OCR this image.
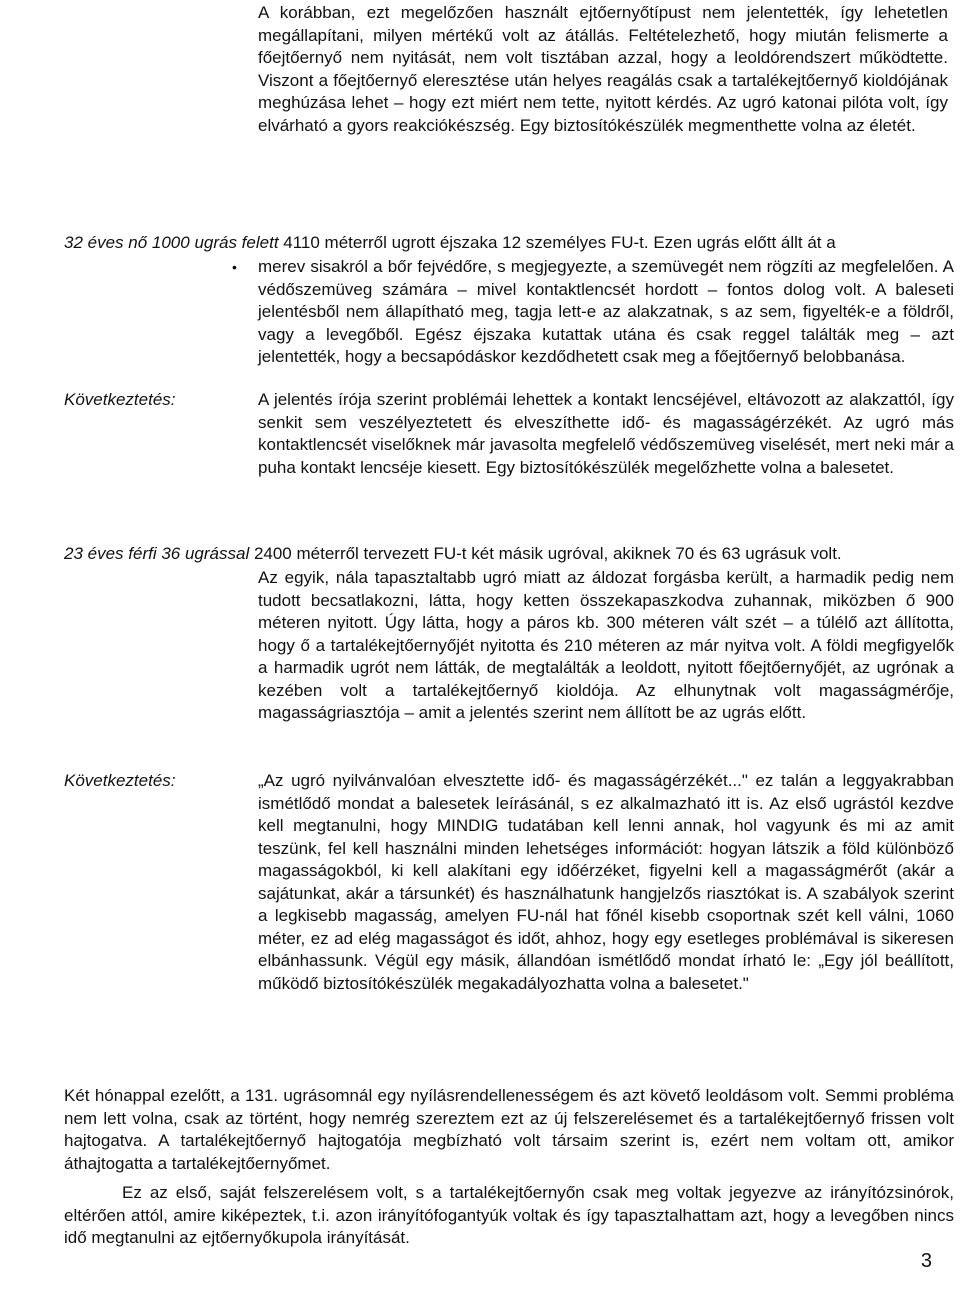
A korábban, ezt megelőzően használt ejtőernyőtípust nem jelentették, így lehetetlen megállapítani, milyen mértékű volt az átállás. Feltételezhető, hogy miután felismerte a főejtőernyő nem nyitását, nem volt tisztában azzal, hogy a leoldórendszert működtette. Viszont a főejtőernyő eleresztése után helyes reagálás csak a tartalékejtőernyő kioldójának meghúzása lehet – hogy ezt miért nem tette, nyitott kérdés. Az ugró katonai pilóta volt, így elvárható a gyors reakciókészség. Egy biztosítókészülék megmenthette volna az életét.

32 éves nő 1000 ugrás felett 4110 méterről ugrott éjszaka 12 személyes FU-t. Ezen ugrás előtt állt át a

• merev sisakról a bőr fejvédőre, s megjegyezte, a szemüvegét nem rögzíti az megfelelően. A védőszemüveg számára – mivel kontaktlencsét hordott – fontos dolog volt. A baleseti jelentésből nem állapítható meg, tagja lett-e az alakzatnak, s az sem, figyelték-e a földről, vagy a levegőből. Egész éjszaka kutattak utána és csak reggel találták meg – azt jelentették, hogy a becsapódáskor kezdődhetett csak meg a főejtőernyő belobbanása.

Következtetés:	A jelentés írója szerint problémái lehettek a kontakt lencséjével, eltávozott az alakzattól, így senkit sem veszélyeztetett és elveszíthette idő- és magasságérzékét. Az ugró más kontaktlencsét viselőknek már javasolta megfelelő védőszemüveg viselését, mert neki már a puha kontakt lencséje kiesett. Egy biztosítókészülék megelőzhette volna a balesetet.

23 éves férfi 36 ugrással 2400 méterről tervezett FU-t két másik ugróval, akiknek 70 és 63 ugrásuk volt.

Az egyik, nála tapasztaltabb ugró miatt az áldozat forgásba került, a harmadik pedig nem tudott becsatlakozni, látta, hogy ketten összekapaszkodva zuhannak, miközben ő 900 méteren nyitott. Úgy látta, hogy a páros kb. 300 méteren vált szét – a túlélő azt állította, hogy ő a tartalékejtőernyőjét nyitotta és 210 méteren az már nyitva volt. A földi megfigyelők a harmadik ugrót nem látták, de megtalálták a leoldott, nyitott főejtőernyőjét, az ugrónak a kezében volt a tartalékejtőernyő kioldója. Az elhunytnak volt magasságmérője, magasságriasztója – amit a jelentés szerint nem állított be az ugrás előtt.

Következtetés:	„Az ugró nyilvánvalóan elvesztette idő- és magasságérzékét..." ez talán a leggyakrabban ismétlődő mondat a balesetek leírásánál, s ez alkalmazható itt is. Az első ugrástól kezdve kell megtanulni, hogy MINDIG tudatában kell lenni annak, hol vagyunk és mi az amit teszünk, fel kell használni minden lehetséges információt: hogyan látszik a föld különböző magasságokból, ki kell alakítani egy időérzéket, figyelni kell a magasságmérőt (akár a sajátunkat, akár a társunkét) és használhatunk hangjelzős riasztókat is. A szabályok szerint a legkisebb magasság, amelyen FU-nál hat főnél kisebb csoportnak szét kell válni, 1060 méter, ez ad elég magasságot és időt, ahhoz, hogy egy esetleges problémával is sikeresen elbánhassunk. Végül egy másik, állandóan ismétlődő mondat írható le: „Egy jól beállított, működő biztosítókészülék megakadályozhatta volna a balesetet."

Két hónappal ezelőtt, a 131. ugrásomnál egy nyílásrendellenességem és azt követő leoldásom volt. Semmi probléma nem lett volna, csak az történt, hogy nemrég szereztem ezt az új felszerelésemet és a tartalékejtőernyő frissen volt hajtogatva. A tartalékejtőernyő hajtogatója megbízható volt társaim szerint is, ezért nem voltam ott, amikor áthajtogatta a tartalékejtőernyőmet.

Ez az első, saját felszerelésem volt, s a tartalékejtőernyőn csak meg voltak jegyezve az irányítózsinórok, eltérően attól, amire kiképeztek, t.i. azon irányítófogantyúk voltak és így tapasztalhattam azt, hogy a levegőben nincs idő megtanulni az ejtőernyőkupola irányítását.

3
